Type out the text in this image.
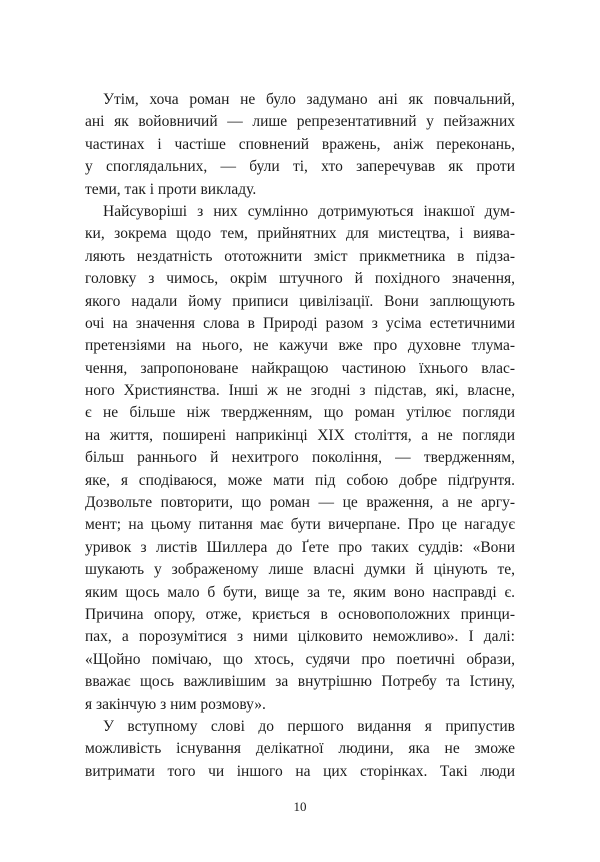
Утім, хоча роман не було задумано ані як повчальний,
ані як войовничий — лише репрезентативний у пейзажних
частинах і частіше сповнений вражень, аніж переконань,
у споглядальних, — були ті, хто заперечував як проти
теми, так і проти викладу.
Найсуворіші з них сумлінно дотримуються інакшої дум-
ки, зокрема щодо тем, прийнятних для мистецтва, і виява-
ляють нездатність ототожнити зміст прикметника в підза-
головку з чимось, окрім штучного й похідного значення,
якого надали йому приписи цивілізації. Вони заплющують
очі на значення слова в Природі разом з усіма естетичними
претензіями на нього, не кажучи вже про духовне тлума-
чення, запропоноване найкращою частиною їхнього влас-
ного Християнства. Інші ж не згодні з підстав, які, власне,
є не більше ніж твердженням, що роман утілює погляди
на життя, поширені наприкінці XIX століття, а не погляди
більш раннього й нехитрого покоління, — твердженням,
яке, я сподіваюся, може мати під собою добре підґрунтя.
Дозвольте повторити, що роман — це враження, а не аргу-
мент; на цьому питання має бути вичерпане. Про це нагадує
уривок з листів Шиллера до Ґете про таких суддів: «Вони
шукають у зображеному лише власні думки й цінують те,
яким щось мало б бути, вище за те, яким воно насправді є.
Причина опору, отже, криється в основоположних принци-
пах, а порозумітися з ними цілковито неможливо». І далі:
«Щойно помічаю, що хтось, судячи про поетичні образи,
вважає щось важливішим за внутрішню Потребу та Істину,
я закінчую з ним розмову».
У вступному слові до першого видання я припустив
можливість існування делікатної людини, яка не зможе
витримати того чи іншого на цих сторінках. Такі люди
10
